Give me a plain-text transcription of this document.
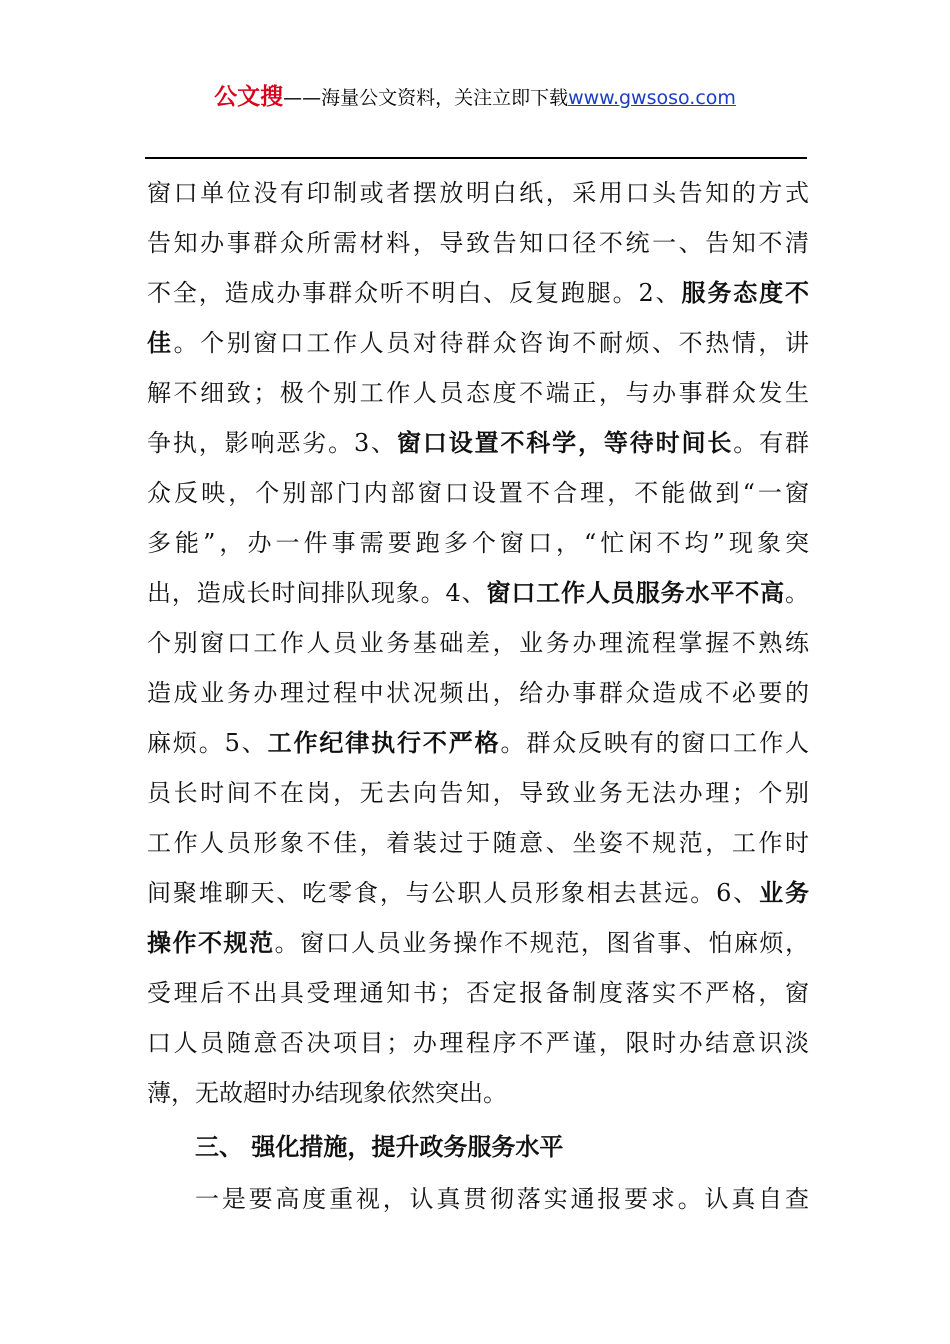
公文搜——海量公文资料，关注立即下载www.gwsoso.com
窗口单位没有印制或者摆放明白纸，采用口头告知的方式
告知办事群众所需材料，导致告知口径不统一、告知不清
不全，造成办事群众听不明白、反复跑腿。2、服务态度不
佳。个别窗口工作人员对待群众咨询不耐烦、不热情，讲
解不细致；极个别工作人员态度不端正，与办事群众发生
争执，影响恶劣。3、窗口设置不科学，等待时间长。有群
众反映，个别部门内部窗口设置不合理，不能做到“一窗
多能”，办一件事需要跑多个窗口，“忙闲不均”现象突
出，造成长时间排队现象。4、窗口工作人员服务水平不高。
个别窗口工作人员业务基础差，业务办理流程掌握不熟练
造成业务办理过程中状况频出，给办事群众造成不必要的
麻烦。5、工作纪律执行不严格。群众反映有的窗口工作人
员长时间不在岗，无去向告知，导致业务无法办理；个别
工作人员形象不佳，着装过于随意、坐姿不规范，工作时
间聚堆聊天、吃零食，与公职人员形象相去甚远。6、业务
操作不规范。窗口人员业务操作不规范，图省事、怕麻烦，
受理后不出具受理通知书；否定报备制度落实不严格，窗
口人员随意否决项目；办理程序不严谨，限时办结意识淡
薄，无故超时办结现象依然突出。
三、 强化措施，提升政务服务水平
一是要高度重视，认真贯彻落实通报要求。认真自查
